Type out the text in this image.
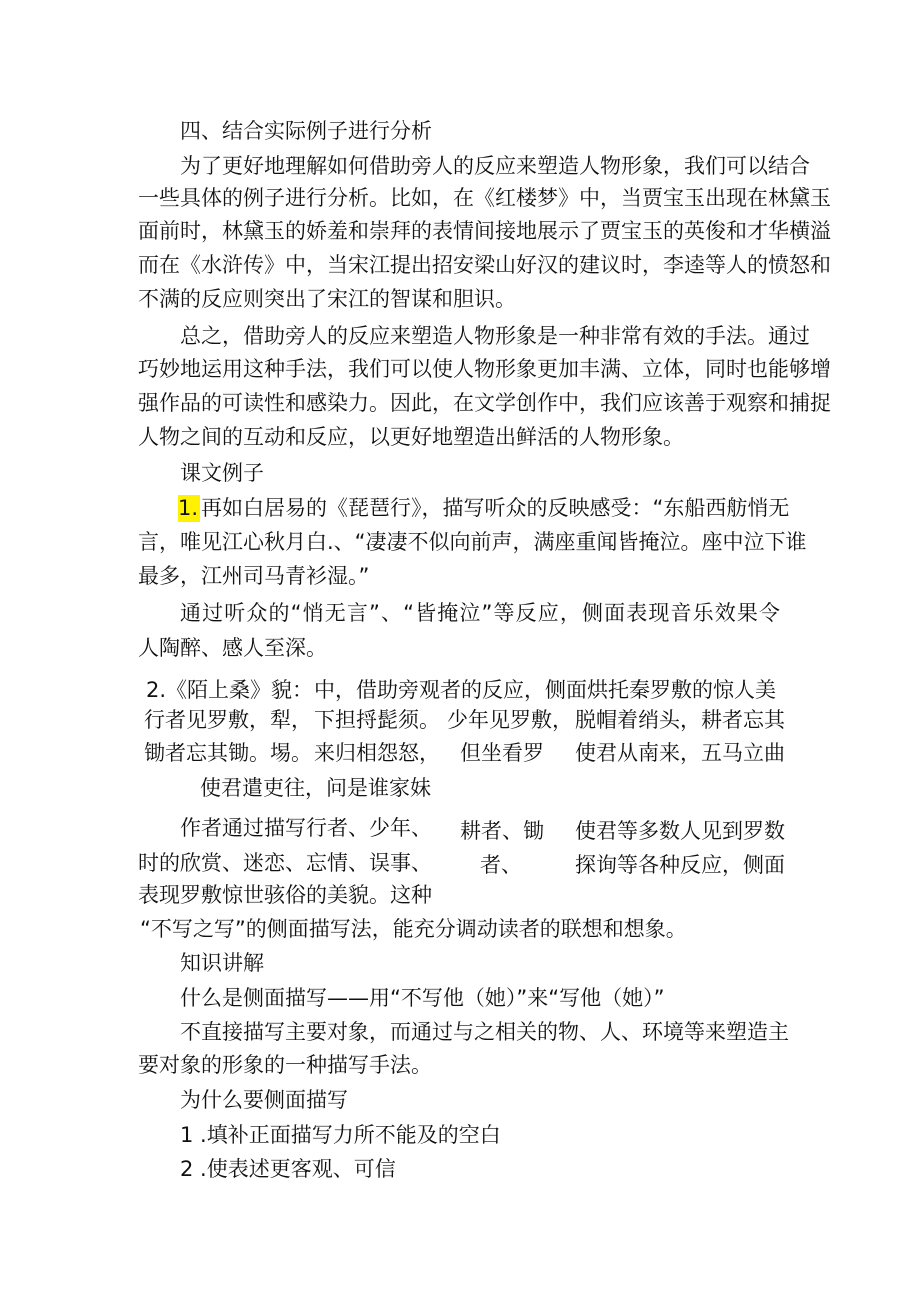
四、结合实际例子进行分析
为了更好地理解如何借助旁人的反应来塑造人物形象，我们可以结合
一些具体的例子进行分析。比如，在《红楼梦》中，当贾宝玉出现在林黛玉
面前时，林黛玉的娇羞和崇拜的表情间接地展示了贾宝玉的英俊和才华横溢
而在《水浒传》中，当宋江提出招安梁山好汉的建议时，李逵等人的愤怒和
不满的反应则突出了宋江的智谋和胆识。
总之，借助旁人的反应来塑造人物形象是一种非常有效的手法。通过
巧妙地运用这种手法，我们可以使人物形象更加丰满、立体，同时也能够增
强作品的可读性和感染力。因此，在文学创作中，我们应该善于观察和捕捉
人物之间的互动和反应，以更好地塑造出鲜活的人物形象。
课文例子
1. 再如白居易的《琵琶行》，描写听众的反映感受：“东船西舫悄无
言，唯见江心秋月白.、“凄凄不似向前声，满座重闻皆掩泣。座中泣下谁
最多，江州司马青衫湿。”
通过听众的“悄无言”、“皆掩泣”等反应，侧面表现音乐效果令
人陶醉、感人至深。
2.《陌上桑》貌： 中，借助旁观者的反应，侧面烘托秦罗敷的惊人美
行者见罗敷，犁， 下担捋髭须。 少年见罗敷， 脱帽着绡头，耕者忘其
锄者忘其锄。埸。 来归相怨怒， 但坐看罗 使君从南来，五马立曲
使君遣吏往，问是谁家妹
作者通过描写行者、少年、 耕者、锄 使君等多数人见到罗数
时的欣赏、迷恋、忘情、误事、 者、	探询等各种反应，侧面
表现罗敷惊世骇俗的美貌。这种
“不写之写”的侧面描写法，能充分调动读者的联想和想象。
知识讲解
什么是侧面描写——用“不写他（她）”来“写他（她）”
不直接描写主要对象，而通过与之相关的物、人、环境等来塑造主
要对象的形象的一种描写手法。
为什么要侧面描写
1 .填补正面描写力所不能及的空白
2 .使表述更客观、可信
